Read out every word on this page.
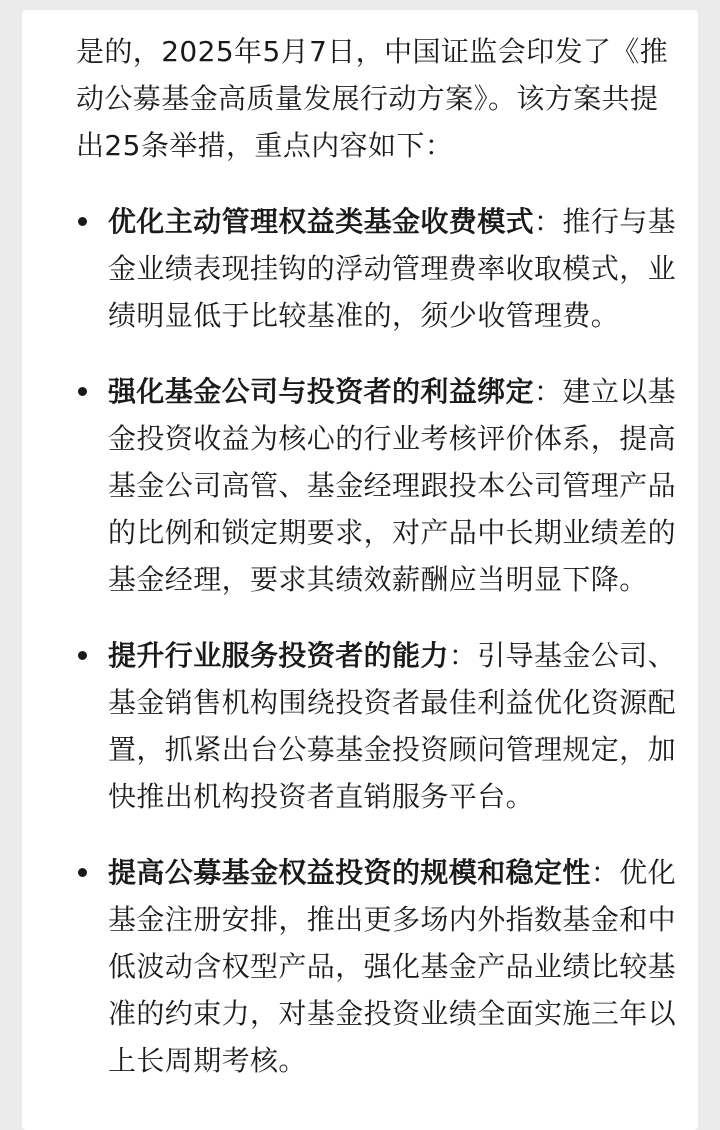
是的，2025年5月7日，中国证监会印发了《推动公募基金高质量发展行动方案》。该方案共提出25条举措，重点内容如下：

优化主动管理权益类基金收费模式：推行与基金业绩表现挂钩的浮动管理费率收取模式，业绩明显低于比较基准的，须少收管理费。
强化基金公司与投资者的利益绑定：建立以基金投资收益为核心的行业考核评价体系，提高基金公司高管、基金经理跟投本公司管理产品的比例和锁定期要求，对产品中长期业绩差的基金经理，要求其绩效薪酬应当明显下降。
提升行业服务投资者的能力：引导基金公司、基金销售机构围绕投资者最佳利益优化资源配置，抓紧出台公募基金投资顾问管理规定，加快推出机构投资者直销服务平台。
提高公募基金权益投资的规模和稳定性：优化基金注册安排，推出更多场内外指数基金和中低波动含权型产品，强化基金产品业绩比较基准的约束力，对基金投资业绩全面实施三年以上长周期考核。
